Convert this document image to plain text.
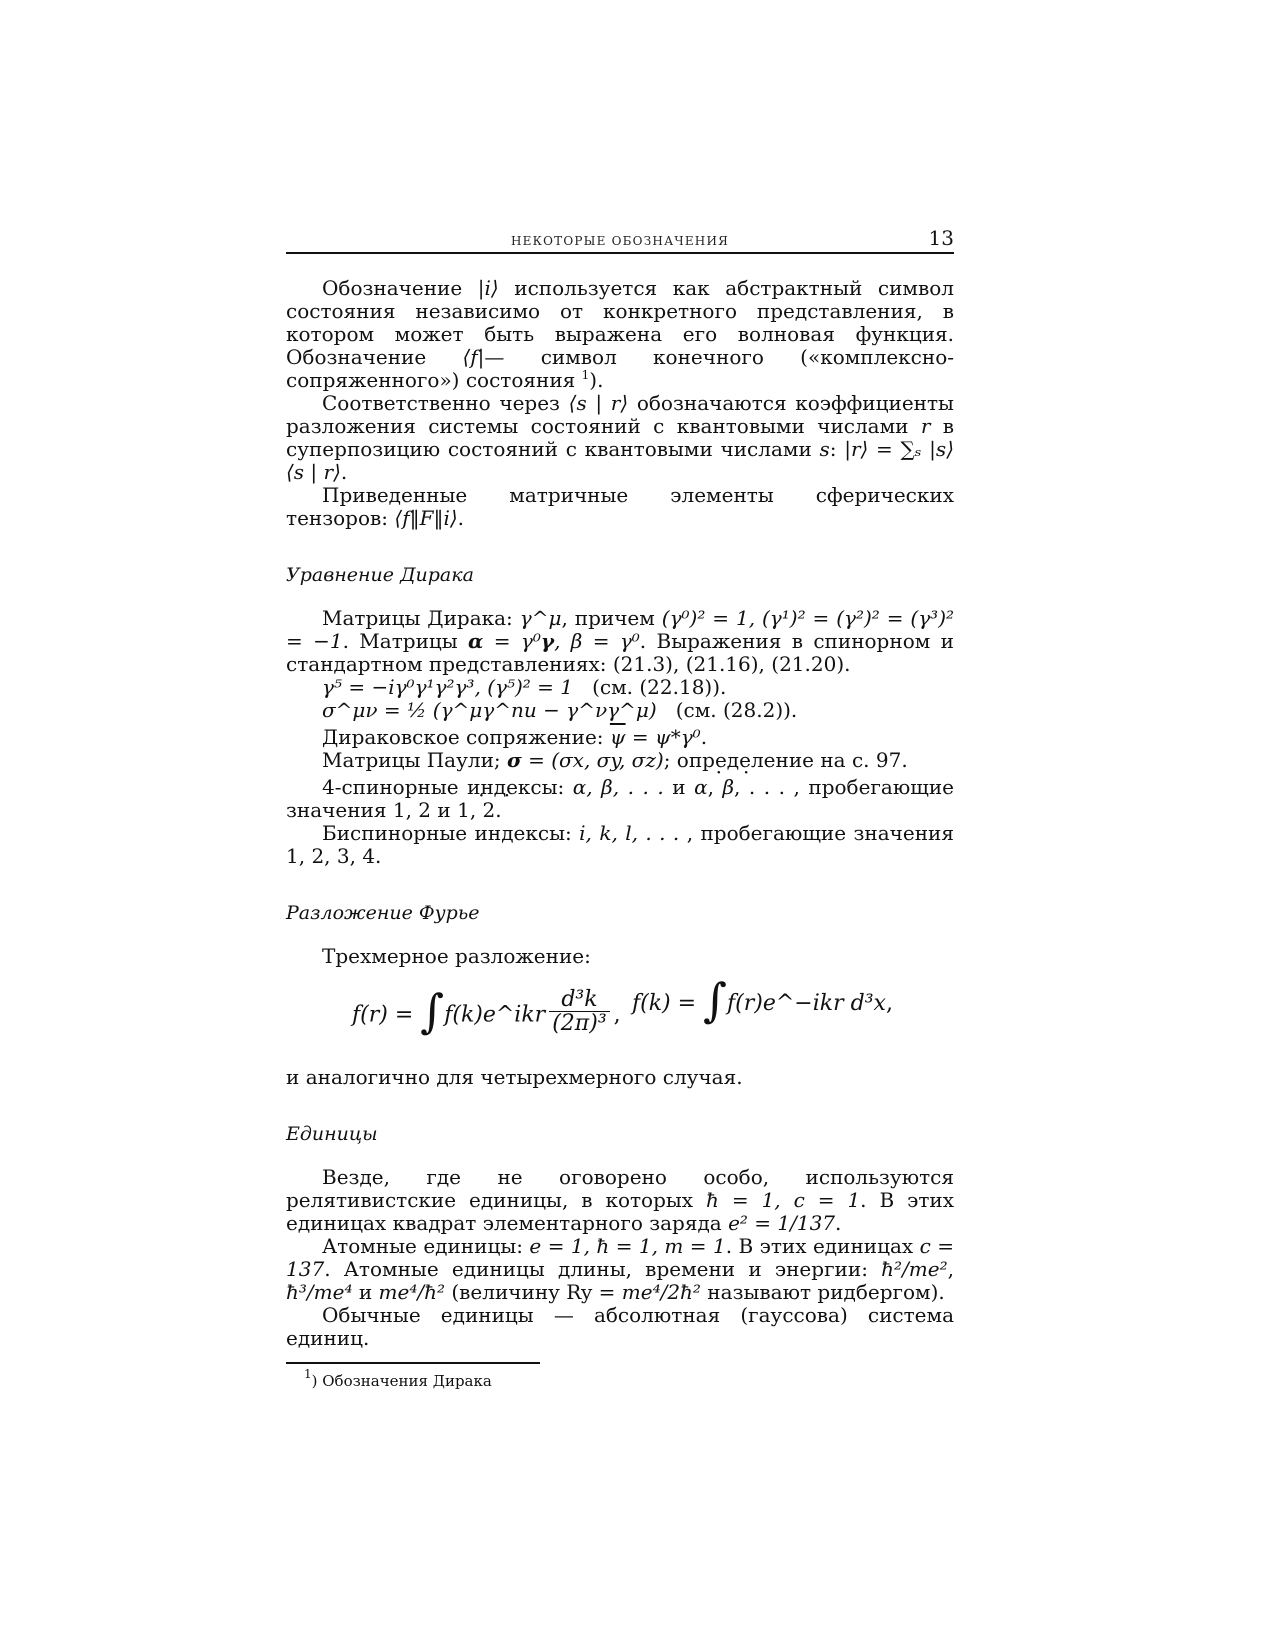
НЕКОТОРЫЕ ОБОЗНАЧЕНИЯ	13

Обозначение |i⟩ используется как абстрактный символ состояния независимо от конкретного представления, в котором может быть выражена его волновая функция. Обозначение ⟨f|— символ конечного («комплексно-сопряженного») состояния $^1$).

Соответственно через ⟨s | r⟩ обозначаются коэффициенты разложения системы состояний с квантовыми числами r в суперпозицию состояний с квантовыми числами s: |r⟩ = ∑ₛ |s⟩⟨s | r⟩.

Приведенные матричные элементы сферических тензоров: ⟨f‖F‖i⟩.

Уравнение Дирака

Матрицы Дирака: γ^μ, причем (γ⁰)² = 1, (γ¹)² = (γ²)² = (γ³)² = −1. Матрицы α = γ⁰γ, β = γ⁰. Выражения в спинорном и стандартном представлениях: (21.3), (21.16), (21.20).

γ⁵ = −iγ⁰γ¹γ²γ³, (γ⁵)² = 1 (см. (22.18)).

σ^μν = ½ (γ^μγ^nu − γ^νγ^μ) (см. (28.2)).

Дираковское сопряжение: $\overline{\psi} = \psi*\gamma^0$.

Матрицы Паули; σ = (σx, σy, σz); определение на с. 97.

4-спинорные индексы: α, β, . . . и α ·, β ·, . . . , пробегающие значения 1, 2 и 1 ·, 2 ·.

Биспинорные индексы: i, k, l, . . . , пробегающие значения 1, 2, 3, 4.

Разложение Фурье

Трехмерное разложение:

f(r) = ∫f(k)e^ikr $\frac{\text{d³k}}{\text{(2π)³}}$ , f(k) = ∫f(r)e^−ikr d³x,

и аналогично для четырехмерного случая.

Единицы

Везде, где не оговорено особо, используются релятивистские единицы, в которых ħ = 1, c = 1. В этих единицах квадрат элементарного заряда e² = 1/137.

Атомные единицы: e = 1, ħ = 1, m = 1. В этих единицах c = 137. Атомные единицы длины, времени и энергии: ħ²/me², ħ³/me⁴ и me⁴/ħ² (величину Ry = me⁴/2ħ² называют ридбергом).

Обычные единицы — абсолютная (гауссова) система единиц.

$^1$) Обозначения Дирака
